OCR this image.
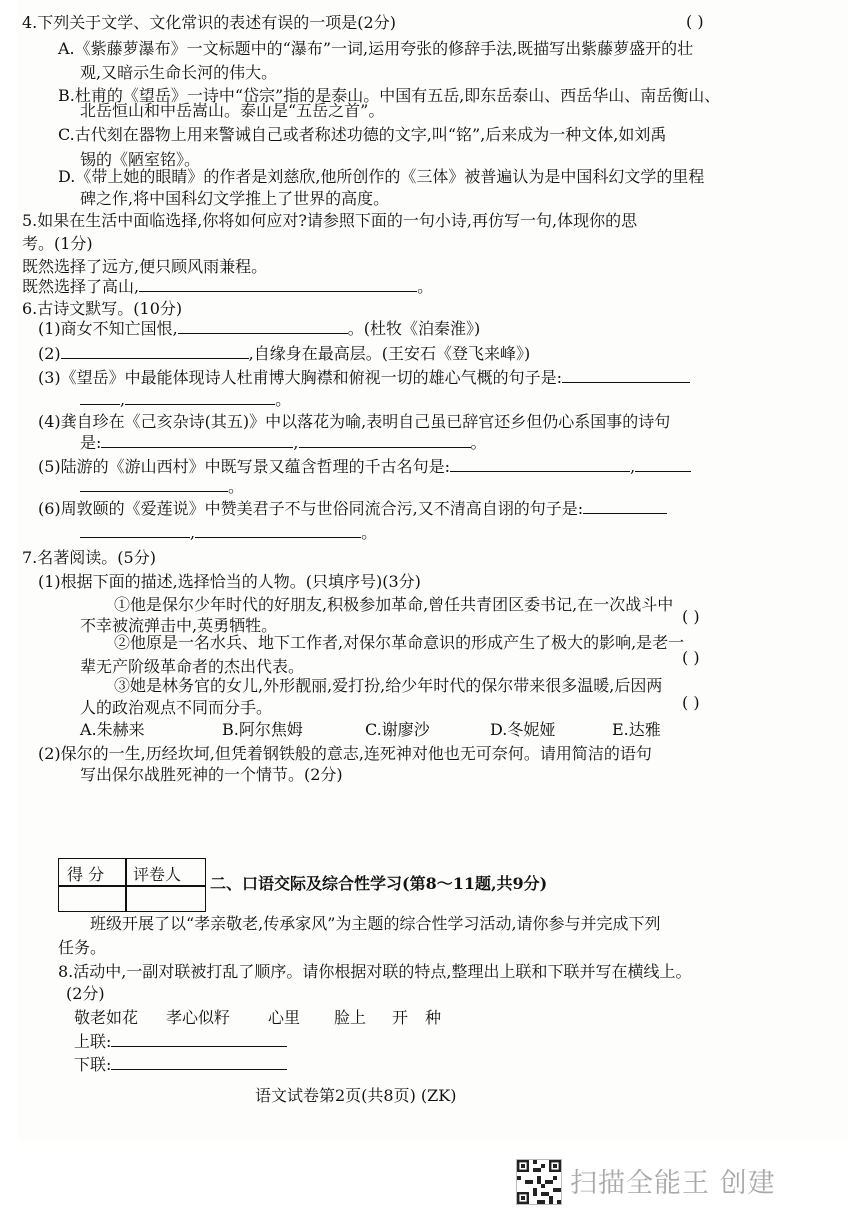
4.下列关于文学、文化常识的表述有误的一项是(2分)	( )
A.《紫藤萝瀑布》一文标题中的“瀑布”一词,运用夸张的修辞手法,既描写出紫藤萝盛开的壮
观,又暗示生命长河的伟大。
B.杜甫的《望岳》一诗中“岱宗”指的是泰山。中国有五岳,即东岳泰山、西岳华山、南岳衡山、
北岳恒山和中岳嵩山。泰山是“五岳之首”。
C.古代刻在器物上用来警诫自己或者称述功德的文字,叫“铭”,后来成为一种文体,如刘禹
锡的《陋室铭》。
D.《带上她的眼睛》的作者是刘慈欣,他所创作的《三体》被普遍认为是中国科幻文学的里程
碑之作,将中国科幻文学推上了世界的高度。
5.如果在生活中面临选择,你将如何应对?请参照下面的一句小诗,再仿写一句,体现你的思
考。(1分)
既然选择了远方,便只顾风雨兼程。
既然选择了高山,	。
6.古诗文默写。(10分)
(1)商女不知亡国恨,	。(杜牧《泊秦淮》)
(2)	,自缘身在最高层。(王安石《登飞来峰》)
(3)《望岳》中最能体现诗人杜甫博大胸襟和俯视一切的雄心气概的句子是:
,	。
(4)龚自珍在《己亥杂诗(其五)》中以落花为喻,表明自己虽已辞官还乡但仍心系国事的诗句
是:	,	。
(5)陆游的《游山西村》中既写景又蕴含哲理的千古名句是:	,
。
(6)周敦颐的《爱莲说》中赞美君子不与世俗同流合污,又不清高自诩的句子是:
,	。
7.名著阅读。(5分)
(1)根据下面的描述,选择恰当的人物。(只填序号)(3分)
①他是保尔少年时代的好朋友,积极参加革命,曾任共青团区委书记,在一次战斗中
不幸被流弹击中,英勇牺牲。	( )
②他原是一名水兵、地下工作者,对保尔革命意识的形成产生了极大的影响,是老一
辈无产阶级革命者的杰出代表。	( )
③她是林务官的女儿,外形靓丽,爱打扮,给少年时代的保尔带来很多温暖,后因两
人的政治观点不同而分手。	( )
A.朱赫来	B.阿尔焦姆	C.谢廖沙	D.冬妮娅	E.达雅
(2)保尔的一生,历经坎坷,但凭着钢铁般的意志,连死神对他也无可奈何。请用简洁的语句
写出保尔战胜死神的一个情节。(2分)
得 分 评卷人 二、口语交际及综合性学习(第8～11题,共9分)
班级开展了以“孝亲敬老,传承家风”为主题的综合性学习活动,请你参与并完成下列
任务。
8.活动中,一副对联被打乱了顺序。请你根据对联的特点,整理出上联和下联并写在横线上。
(2分)
敬老如花 孝心似籽 心里 脸上 开 种
上联:
下联:
语文试卷第2页(共8页) (ZK)
扫描全能王 创建
